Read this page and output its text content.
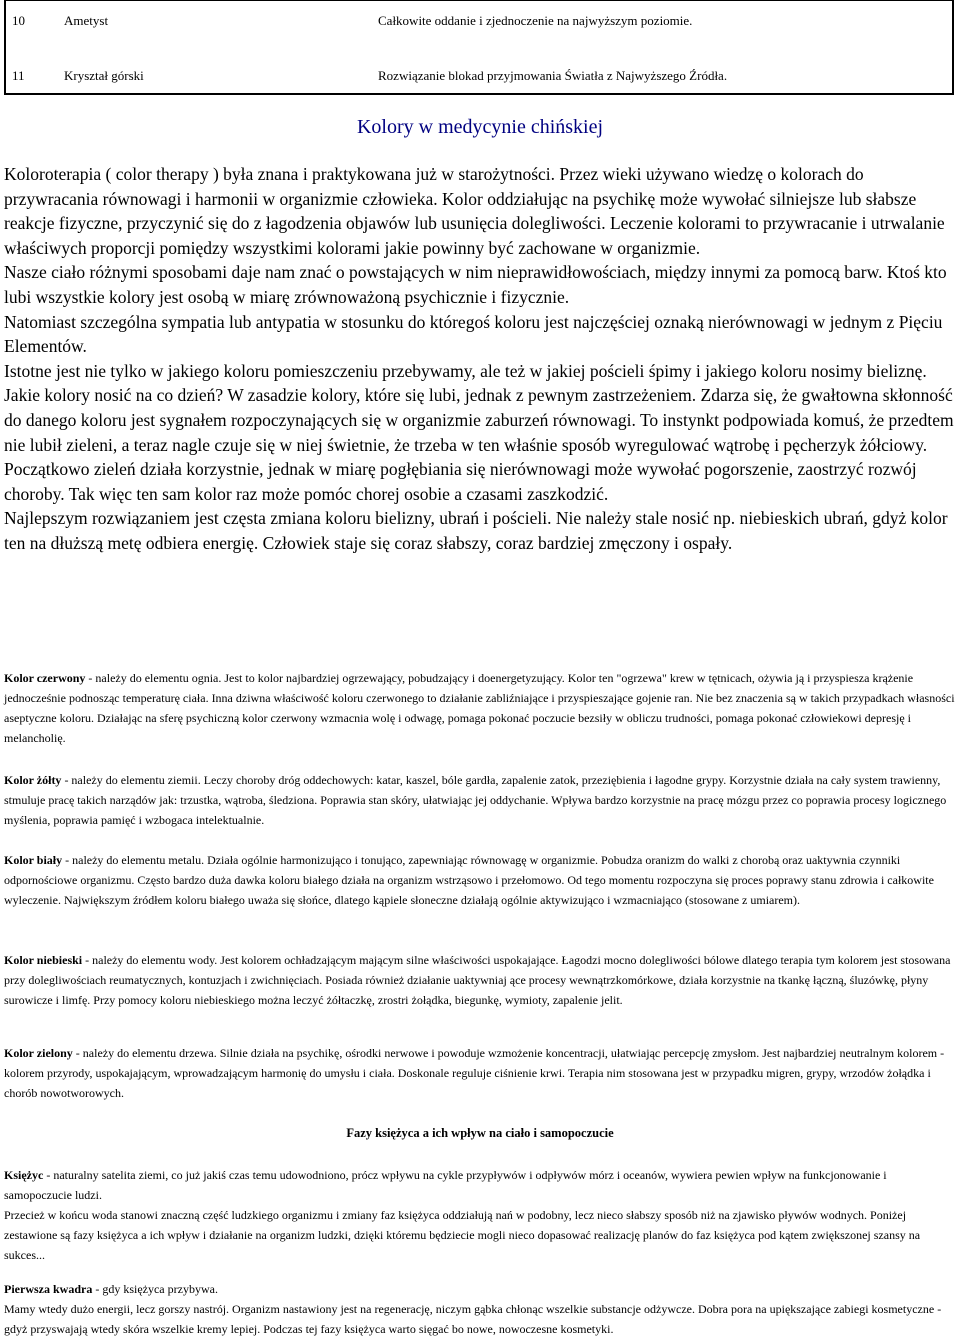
10	Ametyst	Całkowite oddanie i zjednoczenie na najwyższym poziomie.
11	Kryształ górski	Rozwiązanie blokad przyjmowania Światła z Najwyższego Źródła.
Kolory w medycynie chińskiej

Koloroterapia ( color therapy ) była znana i praktykowana już w starożytności. Przez wieki używano wiedzę o kolorach do przywracania równowagi i harmonii w organizmie człowieka. Kolor oddziałując na psychikę może wywołać silniejsze lub słabsze reakcje fizyczne, przyczynić się do z łagodzenia objawów lub usunięcia dolegliwości. Leczenie kolorami to przywracanie i utrwalanie właściwych proporcji pomiędzy wszystkimi kolorami jakie powinny być zachowane w organizmie.

Nasze ciało różnymi sposobami daje nam znać o powstających w nim nieprawidłowościach, między innymi za pomocą barw. Ktoś kto lubi wszystkie kolory jest osobą w miarę zrównoważoną psychicznie i fizycznie.

Natomiast szczególna sympatia lub antypatia w stosunku do któregoś koloru jest najczęściej oznaką nierównowagi w jednym z Pięciu Elementów.

Istotne jest nie tylko w jakiego koloru pomieszczeniu przebywamy, ale też w jakiej pościeli śpimy i jakiego koloru nosimy bieliznę. Jakie kolory nosić na co dzień? W zasadzie kolory, które się lubi, jednak z pewnym zastrzeżeniem. Zdarza się, że gwałtowna skłonność do danego koloru jest sygnałem rozpoczynających się w organizmie zaburzeń równowagi. To instynkt podpowiada komuś, że przedtem nie lubił zieleni, a teraz nagle czuje się w niej świetnie, że trzeba w ten właśnie sposób wyregulować wątrobę i pęcherzyk żółciowy. Początkowo zieleń działa korzystnie, jednak w miarę pogłębiania się nierównowagi może wywołać pogorszenie, zaostrzyć rozwój choroby. Tak więc ten sam kolor raz może pomóc chorej osobie a czasami zaszkodzić.

Najlepszym rozwiązaniem jest częsta zmiana koloru bielizny, ubrań i pościeli. Nie należy stale nosić np. niebieskich ubrań, gdyż kolor ten na dłuższą metę odbiera energię. Człowiek staje się coraz słabszy, coraz bardziej zmęczony i ospały.

Kolor czerwony - należy do elementu ognia. Jest to kolor najbardziej ogrzewający, pobudzający i doenergetyzujący. Kolor ten "ogrzewa" krew w tętnicach, ożywia ją i przyspiesza krążenie jednocześnie podnosząc temperaturę ciała. Inna dziwna właściwość koloru czerwonego to działanie zabliźniające i przyspieszające gojenie ran. Nie bez znaczenia są w takich przypadkach własności aseptyczne koloru. Działając na sferę psychiczną kolor czerwony wzmacnia wolę i odwagę, pomaga pokonać poczucie bezsiły w obliczu trudności, pomaga pokonać człowiekowi depresję i melancholię.

Kolor żółty - należy do elementu ziemii. Leczy choroby dróg oddechowych: katar, kaszel, bóle gardła, zapalenie zatok, przeziębienia i łagodne grypy. Korzystnie działa na cały system trawienny, stmuluje pracę takich narządów jak: trzustka, wątroba, śledziona. Poprawia stan skóry, ułatwiając jej oddychanie. Wpływa bardzo korzystnie na pracę mózgu przez co poprawia procesy logicznego myślenia, poprawia pamięć i wzbogaca intelektualnie.

Kolor biały - należy do elementu metalu. Działa ogólnie harmonizująco i tonująco, zapewniając równowagę w organizmie. Pobudza oranizm do walki z chorobą oraz uaktywnia czynniki odpornościowe organizmu. Często bardzo duża dawka koloru białego działa na organizm wstrząsowo i przełomowo. Od tego momentu rozpoczyna się proces poprawy stanu zdrowia i całkowite wyleczenie. Największym źródłem koloru białego uważa się słońce, dlatego kąpiele słoneczne działają ogólnie aktywizująco i wzmacniająco (stosowane z umiarem).

Kolor niebieski - należy do elementu wody. Jest kolorem ochładzającym mającym silne właściwości uspokajające. Łagodzi mocno dolegliwości bólowe dlatego terapia tym kolorem jest stosowana przy dolegliwościach reumatycznych, kontuzjach i zwichnięciach. Posiada również działanie uaktywniaj ące procesy wewnątrzkomórkowe, działa korzystnie na tkankę łączną, śluzówkę, płyny surowicze i limfę. Przy pomocy koloru niebieskiego można leczyć żółtaczkę, zrostri żołądka, biegunkę, wymioty, zapalenie jelit.

Kolor zielony - należy do elementu drzewa. Silnie działa na psychikę, ośrodki nerwowe i powoduje wzmożenie koncentracji, ułatwiając percepcję zmysłom. Jest najbardziej neutralnym kolorem - kolorem przyrody, uspokajającym, wprowadzającym harmonię do umysłu i ciała. Doskonale reguluje ciśnienie krwi. Terapia nim stosowana jest w przypadku migren, grypy, wrzodów żołądka i chorób nowotworowych.

Fazy księżyca a ich wpływ na ciało i samopoczucie

Księżyc - naturalny satelita ziemi, co już jakiś czas temu udowodniono, prócz wpływu na cykle przypływów i odpływów mórz i oceanów, wywiera pewien wpływ na funkcjonowanie i samopoczucie ludzi.

Przecież w końcu woda stanowi znaczną część ludzkiego organizmu i zmiany faz księżyca oddziałują nań w podobny, lecz nieco słabszy sposób niż na zjawisko pływów wodnych. Poniżej zestawione są fazy księżyca a ich wpływ i działanie na organizm ludzki, dzięki któremu będziecie mogli nieco dopasować realizację planów do faz księżyca pod kątem zwiększonej szansy na sukces...

Pierwsza kwadra - gdy księżyca przybywa.

Mamy wtedy dużo energii, lecz gorszy nastrój. Organizm nastawiony jest na regenerację, niczym gąbka chłonąc wszelkie substancje odżywcze. Dobra pora na upiększające zabiegi kosmetyczne - gdyż przyswajają wtedy skóra wszelkie kremy lepiej. Podczas tej fazy księżyca warto sięgać bo nowe, nowoczesne kosmetyki.
